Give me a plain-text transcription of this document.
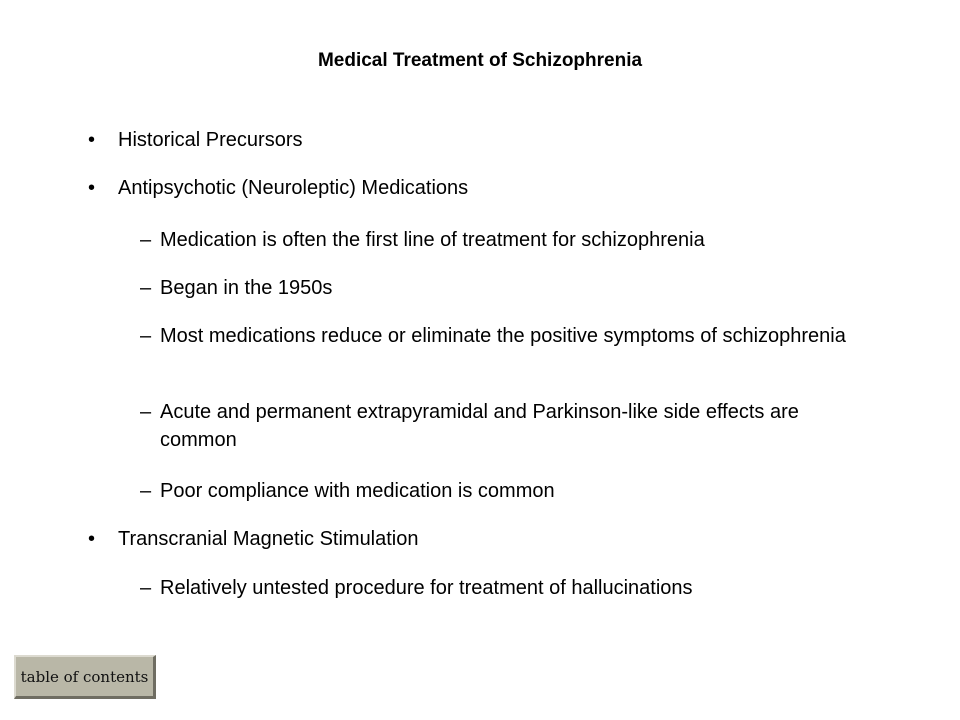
Medical Treatment of Schizophrenia
•	Historical Precursors
•	Antipsychotic (Neuroleptic) Medications
– Medication is often the first line of treatment for schizophrenia
– Began in the 1950s
– Most medications reduce or eliminate the positive symptoms of schizophrenia
– Acute and permanent extrapyramidal and Parkinson-like side effects are common
– Poor compliance with medication is common
•	Transcranial Magnetic Stimulation
– Relatively untested procedure for treatment of hallucinations
table of contents
